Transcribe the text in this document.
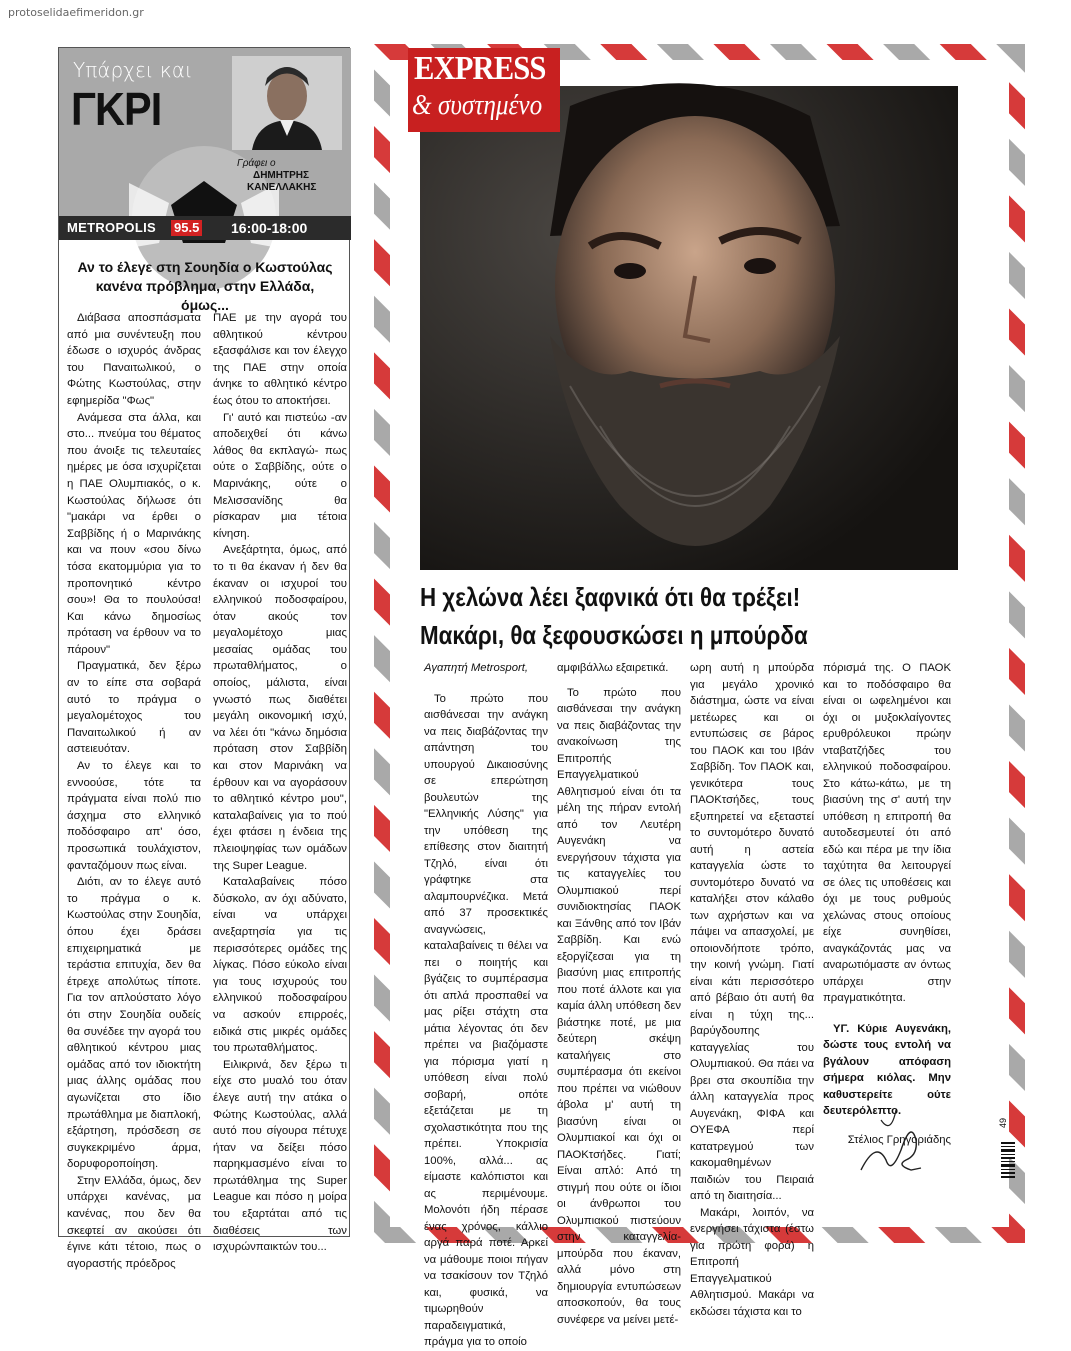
protoselidaefimeridon.gr
Υπάρχει και
ΓΚΡΙ
Γράφει ο
ΔΗΜΗΤΡΗΣ
ΚΑΝΕΛΛΑΚΗΣ
METROPOLIS 95.5 16:00-18:00
Αν το έλεγε στη Σουηδία ο Κωστούλας κανένα πρόβλημα, στην Ελλάδα, όμως...

Διάβασα αποσπάσματα από μια συνέντευξη που έδωσε ο ισχυρός άνδρας του Παναιτωλικού, ο Φώτης Κωστούλας, στην εφημερίδα "Φως"

Ανάμεσα στα άλλα, και στο... πνεύμα του θέματος που άνοιξε τις τελευταίες ημέρες με όσα ισχυρίζεται η ΠΑΕ Ολυμπιακός, ο κ. Κωστούλας δήλωσε ότι "μακάρι να έρθει ο Σαββίδης ή ο Μαρινάκης και να πουν «σου δίνω τόσα εκατομμύρια για το προπονητικό κέντρο σου»! Θα το πουλούσα! Και κάνω δημοσίως πρόταση να έρθουν να το πάρουν"

Πραγματικά, δεν ξέρω αν το είπε στα σοβαρά αυτό το πράγμα ο μεγαλομέτοχος του Παναιτωλικού ή αν αστειευόταν.

Αν το έλεγε και το εννοούσε, τότε τα πράγματα είναι πολύ πιο άσχημα στο ελληνικό ποδόσφαιρο απ' όσο, προσωπικά τουλάχιστον, φανταζόμουν πως είναι.

Διότι, αν το έλεγε αυτό το πράγμα ο κ. Κωστούλας στην Σουηδία, όπου έχει δράσει επιχειρηματικά με τεράστια επιτυχία, δεν θα έτρεχε απολύτως τίποτε. Για τον απλούστατο λόγο ότι στην Σουηδία ουδείς θα συνέδεε την αγορά του αθλητικού κέντρου μιας ομάδας από τον ιδιοκτήτη μιας άλλης ομάδας που αγωνίζεται στο ίδιο πρωτάθλημα με διαπλοκή, εξάρτηση, πρόσδεση σε συγκεκριμένο άρμα, δορυφοροποίηση.

Στην Ελλάδα, όμως, δεν υπάρχει κανένας, μα κανένας, που δεν θα σκεφτεί αν ακούσει ότι έγινε κάτι τέτοιο, πως ο αγοραστής πρόεδρος

ΠΑΕ με την αγορά του αθλητικού κέντρου εξασφάλισε και τον έλεγχο της ΠΑΕ στην οποία άνηκε το αθλητικό κέντρο έως ότου το αποκτήσει.

Γι' αυτό και πιστεύω -αν αποδειχθεί ότι κάνω λάθος θα εκπλαγώ- πως ούτε ο Σαββίδης, ούτε ο Μαρινάκης, ούτε ο Μελισσανίδης θα ρίσκαραν μια τέτοια κίνηση.

Ανεξάρτητα, όμως, από το τι θα έκαναν ή δεν θα έκαναν οι ισχυροί του ελληνικού ποδοσφαίρου, όταν ακούς τον μεγαλομέτοχο μιας μεσαίας ομάδας του πρωταθλήματος, ο οποίος, μάλιστα, είναι γνωστό πως διαθέτει μεγάλη οικονομική ισχύ, να λέει ότι "κάνω δημόσια πρόταση στον Σαββίδη και στον Μαρινάκη να έρθουν και να αγοράσουν το αθλητικό κέντρο μου", καταλαβαίνεις για το πού έχει φτάσει η ένδεια της πλειοψηφίας των ομάδων της Super League.

Καταλαβαίνεις πόσο δύσκολο, αν όχι αδύνατο, είναι να υπάρχει ανεξαρτησία για τις περισσότερες ομάδες της λίγκας. Πόσο εύκολο είναι για τους ισχυρούς του ελληνικού ποδοσφαίρου να ασκούν επιρροές, ειδικά στις μικρές ομάδες του πρωταθλήματος.

Ειλικρινά, δεν ξέρω τι είχε στο μυαλό του όταν έλεγε αυτή την ατάκα ο Φώτης Κωστούλας, αλλά αυτό που σίγουρα πέτυχε ήταν να δείξει πόσο παρηκμασμένο είναι το πρωτάθλημα της Super League και πόσο η μοίρα του εξαρτάται από τις διαθέσεις των ισχυρώνπαικτών του...

EXPRESS
& συστημένο
Η χελώνα λέει ξαφνικά ότι θα τρέξει!
Μακάρι, θα ξεφουσκώσει η μπούρδα

Αγαπητή Metrosport,

Το πρώτο που αισθάνεσαι την ανάγκη να πεις διαβάζοντας την απάντηση του υπουργού Δικαιοσύνης σε επερώτηση βουλευτών της "Ελληνικής Λύσης" για την υπόθεση της επίθεσης στον διαιτητή Τζηλό, είναι ότι γράφτηκε στα αλαμπουρνέζικα. Μετά από 37 προσεκτικές αναγνώσεις, καταλαβαίνεις τι θέλει να πει ο ποιητής και βγάζεις το συμπέρασμα ότι απλά προσπαθεί να μας ρίξει στάχτη στα μάτια λέγοντας ότι δεν πρέπει να βιαζόμαστε για πόρισμα γιατί η υπόθεση είναι πολύ σοβαρή, οπότε εξετάζεται με τη σχολαστικότητα που της πρέπει. Υποκρισία 100%, αλλά... ας είμαστε καλόπιστοι και ας περιμένουμε. Μολονότι ήδη πέρασε ένας χρόνος, κάλλιο αργά παρά ποτέ. Αρκεί να μάθουμε ποιοι πήγαν να τσακίσουν τον Τζηλό και, φυσικά, να τιμωρηθούν παραδειγματικά, πράγμα για το οποίο

αμφιβάλλω εξαιρετικά.

Το πρώτο που αισθάνεσαι την ανάγκη να πεις διαβάζοντας την ανακοίνωση της Επιτροπής Επαγγελματικού Αθλητισμού είναι ότι τα μέλη της πήραν εντολή από τον Λευτέρη Αυγενάκη να ενεργήσουν τάχιστα για τις καταγγελίες του Ολυμπιακού περί συνιδιοκτησίας ΠΑΟΚ και Ξάνθης από τον Ιβάν Σαββίδη. Και ενώ εξοργίζεσαι για τη βιασύνη μιας επιτροπής που ποτέ άλλοτε και για καμία άλλη υπόθεση δεν βιάστηκε ποτέ, με μια δεύτερη σκέψη καταλήγεις στο συμπέρασμα ότι εκείνοι που πρέπει να νιώθουν άβολα μ' αυτή τη βιασύνη είναι οι Ολυμπιακοί και όχι οι ΠΑΟΚτσήδες. Γιατί; Είναι απλό: Από τη στιγμή που ούτε οι ίδιοι οι άνθρωποι του Ολυμπιακού πιστεύουν στην καταγγελία-μπούρδα που έκαναν, αλλά μόνο στη δημιουργία εντυπώσεων αποσκοπούν, θα τους συνέφερε να μείνει μετέ-

ωρη αυτή η μπούρδα για μεγάλο χρονικό διάστημα, ώστε να είναι μετέωρες και οι εντυπώσεις σε βάρος του ΠΑΟΚ και του Ιβάν Σαββίδη. Τον ΠΑΟΚ και, γενικότερα τους ΠΑΟΚτσήδες, τους εξυπηρετεί να εξεταστεί το συντομότερο δυνατό αυτή η αστεία καταγγελία ώστε το συντομότερο δυνατό να καταλήξει στον κάλαθο των αχρήστων και να πάψει να απασχολεί, με οποιονδήποτε τρόπο, την κοινή γνώμη. Γιατί είναι κάτι περισσότερο από βέβαιο ότι αυτή θα είναι η τύχη της... βαρύγδουπης καταγγελίας του Ολυμπιακού. Θα πάει να βρει στα σκουπίδια την άλλη καταγγελία προς Αυγενάκη, ΦΙΦΑ και ΟΥΕΦΑ περί κατατρεγμού των κακομαθημένων παιδιών του Πειραιά από τη διαιτησία...

Μακάρι, λοιπόν, να ενεργήσει τάχιστα (έστω για πρώτη φορά) η Επιτροπή Επαγγελματικού Αθλητισμού. Μακάρι να εκδώσει τάχιστα και το

πόρισμά της. Ο ΠΑΟΚ και το ποδόσφαιρο θα είναι οι ωφελημένοι και όχι οι μυξοκλαίγοντες ερυθρόλευκοι πρώην νταβατζήδες του ελληνικού ποδοσφαίρου. Στο κάτω-κάτω, με τη βιασύνη της σ' αυτή την υπόθεση η επιτροπή θα αυτοδεσμευτεί ότι από εδώ και πέρα με την ίδια ταχύτητα θα λειτουργεί σε όλες τις υποθέσεις και όχι με τους ρυθμούς χελώνας στους οποίους είχε συνηθίσει, αναγκάζοντάς μας να αναρωτιόμαστε αν όντως υπάρχει στην πραγματικότητα.

ΥΓ. Κύριε Αυγενάκη, δώστε τους εντολή να βγάλουν απόφαση σήμερα κιόλας. Μην καθυστερείτε ούτε δευτερόλεπτο.

Στέλιος Γρηγοριάδης

49
